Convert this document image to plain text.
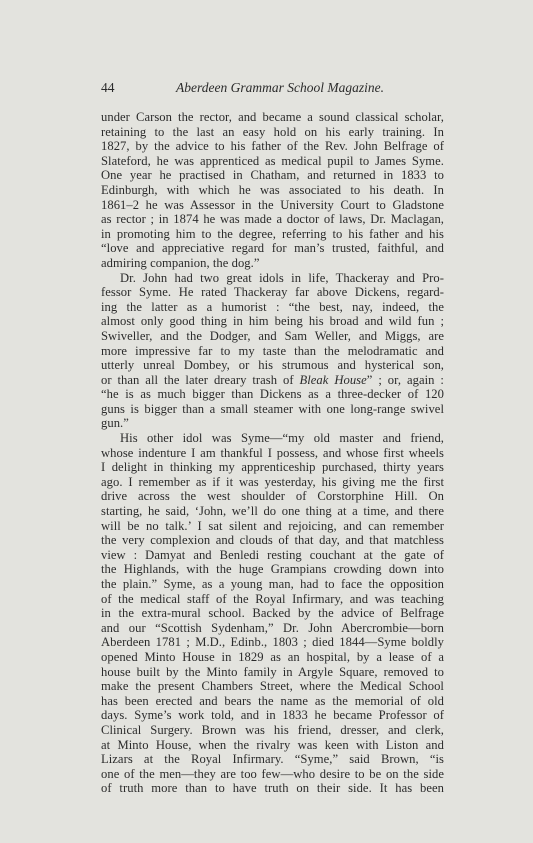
44	Aberdeen Grammar School Magazine.

under Carson the rector, and became a sound classical scholar,
retaining to the last an easy hold on his early training. In
1827, by the advice to his father of the Rev. John Belfrage of
Slateford, he was apprenticed as medical pupil to James Syme.
One year he practised in Chatham, and returned in 1833 to
Edinburgh, with which he was associated to his death. In
1861–2 he was Assessor in the University Court to Gladstone
as rector ; in 1874 he was made a doctor of laws, Dr. Maclagan,
in promoting him to the degree, referring to his father and his
“love and appreciative regard for man’s trusted, faithful, and
admiring companion, the dog.”

Dr. John had two great idols in life, Thackeray and Pro-
fessor Syme. He rated Thackeray far above Dickens, regard-
ing the latter as a humorist : “the best, nay, indeed, the
almost only good thing in him being his broad and wild fun ;
Swiveller, and the Dodger, and Sam Weller, and Miggs, are
more impressive far to my taste than the melodramatic and
utterly unreal Dombey, or his strumous and hysterical son,
or than all the later dreary trash of Bleak House” ; or, again :
“he is as much bigger than Dickens as a three-decker of 120
guns is bigger than a small steamer with one long-range swivel
gun.”

His other idol was Syme—“my old master and friend,
whose indenture I am thankful I possess, and whose first wheels
I delight in thinking my apprenticeship purchased, thirty years
ago. I remember as if it was yesterday, his giving me the first
drive across the west shoulder of Corstorphine Hill. On
starting, he said, ‘John, we’ll do one thing at a time, and there
will be no talk.’ I sat silent and rejoicing, and can remember
the very complexion and clouds of that day, and that matchless
view : Damyat and Benledi resting couchant at the gate of
the Highlands, with the huge Grampians crowding down into
the plain.” Syme, as a young man, had to face the opposition
of the medical staff of the Royal Infirmary, and was teaching
in the extra-mural school. Backed by the advice of Belfrage
and our “Scottish Sydenham,” Dr. John Abercrombie—born
Aberdeen 1781 ; M.D., Edinb., 1803 ; died 1844—Syme boldly
opened Minto House in 1829 as an hospital, by a lease of a
house built by the Minto family in Argyle Square, removed to
make the present Chambers Street, where the Medical School
has been erected and bears the name as the memorial of old
days. Syme’s work told, and in 1833 he became Professor of
Clinical Surgery. Brown was his friend, dresser, and clerk,
at Minto House, when the rivalry was keen with Liston and
Lizars at the Royal Infirmary. “Syme,” said Brown, “is
one of the men—they are too few—who desire to be on the side
of truth more than to have truth on their side. It has been
